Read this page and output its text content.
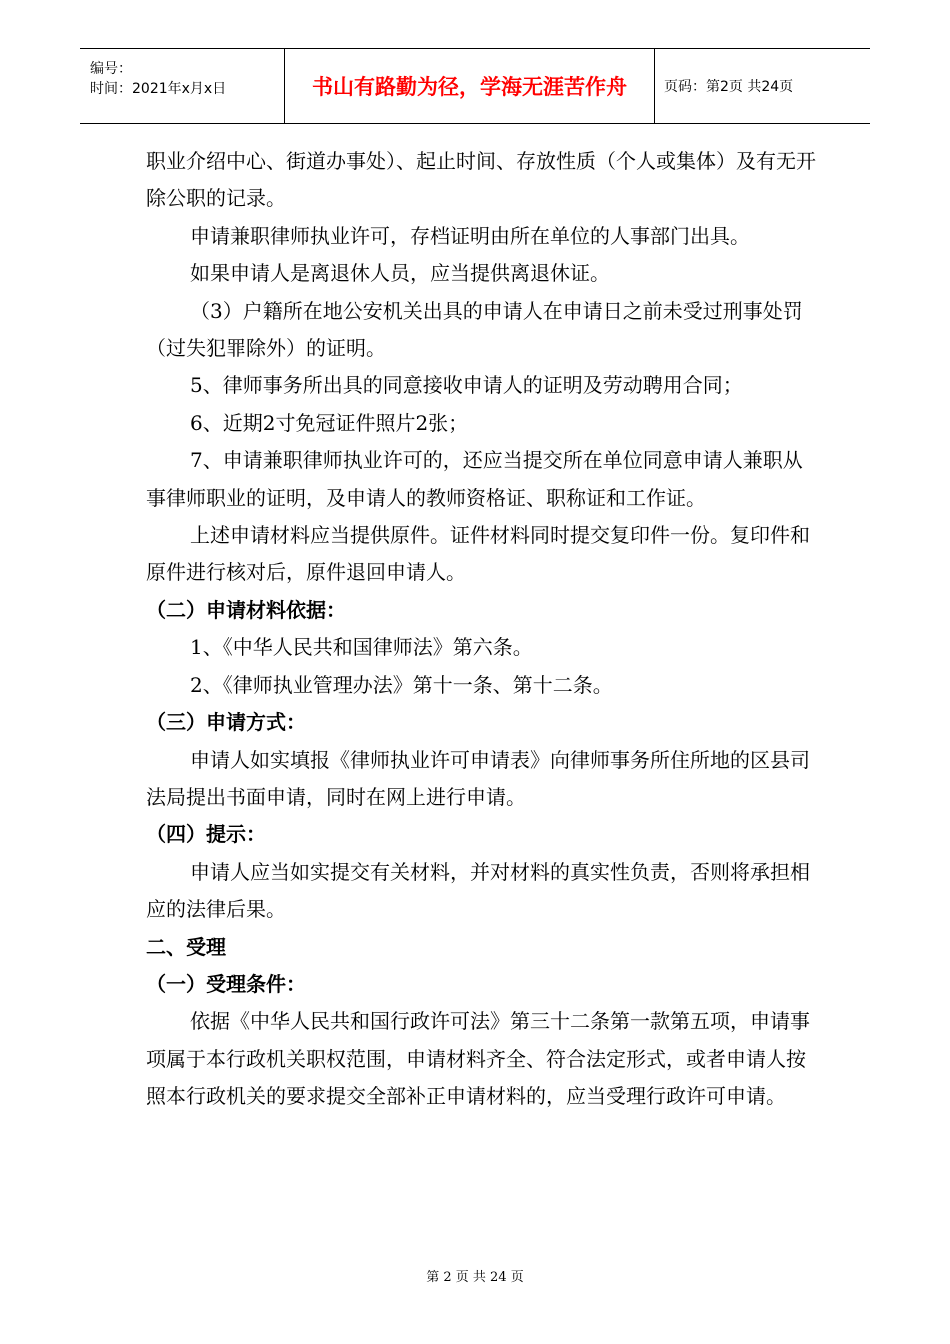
编号：
时间：2021年x月x日	书山有路勤为径，学海无涯苦作舟	页码：第2页 共24页

职业介绍中心、街道办事处）、起止时间、存放性质（个人或集体）及有无开除公职的记录。

申请兼职律师执业许可，存档证明由所在单位的人事部门出具。

如果申请人是离退休人员，应当提供离退休证。

（3）户籍所在地公安机关出具的申请人在申请日之前未受过刑事处罚（过失犯罪除外）的证明。

5、律师事务所出具的同意接收申请人的证明及劳动聘用合同；

6、近期2寸免冠证件照片2张；

7、申请兼职律师执业许可的，还应当提交所在单位同意申请人兼职从事律师职业的证明，及申请人的教师资格证、职称证和工作证。

上述申请材料应当提供原件。证件材料同时提交复印件一份。复印件和原件进行核对后，原件退回申请人。

（二）申请材料依据：

1、《中华人民共和国律师法》第六条。

2、《律师执业管理办法》第十一条、第十二条。

（三）申请方式：

申请人如实填报《律师执业许可申请表》向律师事务所住所地的区县司法局提出书面申请，同时在网上进行申请。

（四）提示：

申请人应当如实提交有关材料，并对材料的真实性负责，否则将承担相应的法律后果。

二、受理

（一）受理条件：

依据《中华人民共和国行政许可法》第三十二条第一款第五项，申请事项属于本行政机关职权范围，申请材料齐全、符合法定形式，或者申请人按照本行政机关的要求提交全部补正申请材料的，应当受理行政许可申请。

第 2 页 共 24 页
